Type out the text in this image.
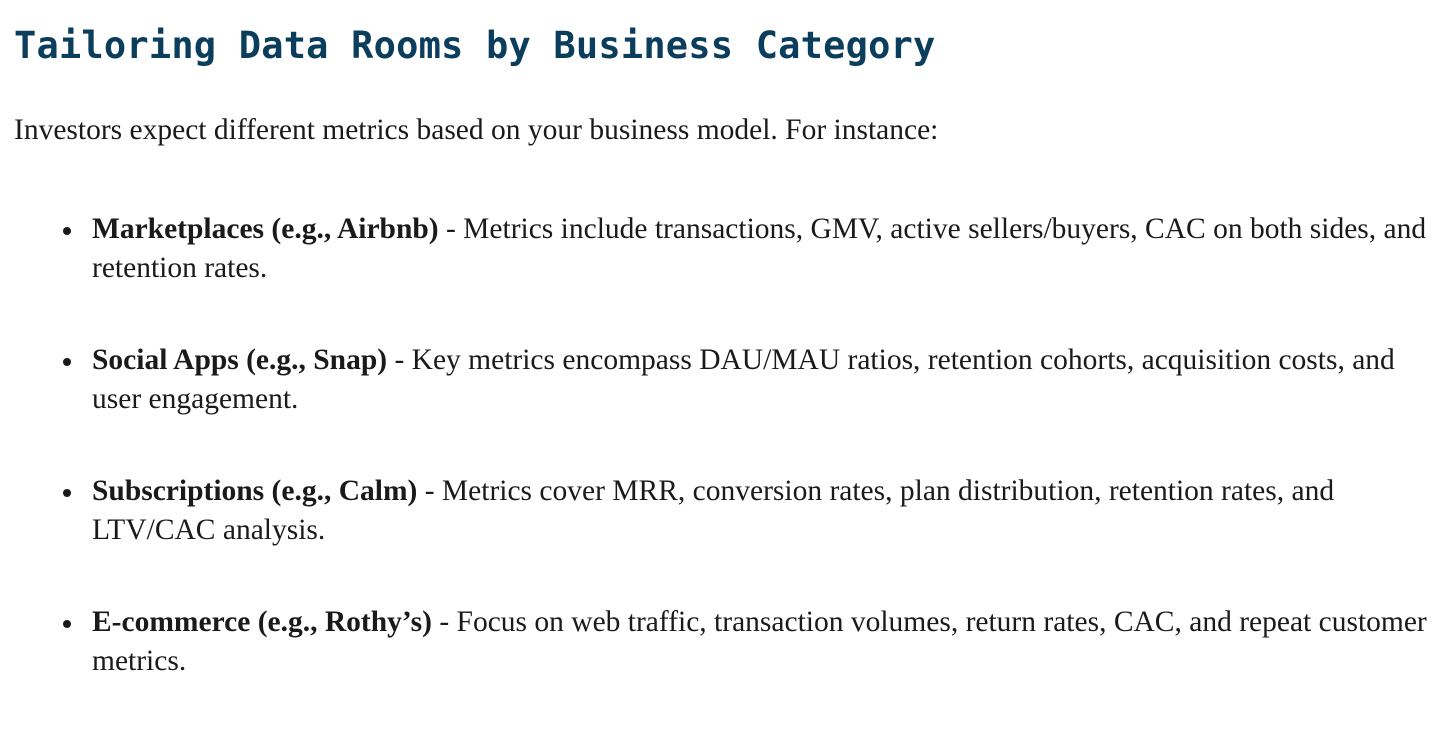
Tailoring Data Rooms by Business Category

Investors expect different metrics based on your business model. For instance:

Marketplaces (e.g., Airbnb) - Metrics include transactions, GMV, active sellers/buyers, CAC on both sides, and retention rates.
Social Apps (e.g., Snap) - Key metrics encompass DAU/MAU ratios, retention cohorts, acquisition costs, and user engagement.
Subscriptions (e.g., Calm) - Metrics cover MRR, conversion rates, plan distribution, retention rates, and LTV/CAC analysis.
E-commerce (e.g., Rothy’s) - Focus on web traffic, transaction volumes, return rates, CAC, and repeat customer metrics.
